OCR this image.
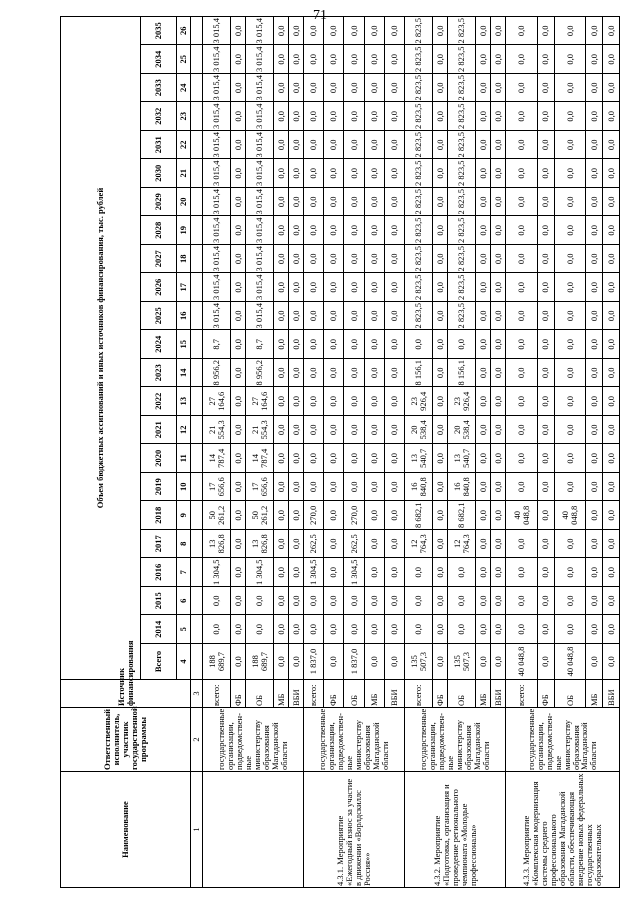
71
Наименование	Ответственный исполнитель, участник государственной программы	Источник финансирования	Объем бюджетных ассигнований и иных источников финансирования, тыс. рублей																						
			Всего	2014	2015	2016	2017	2018	2019	2020	2021	2022	2023	2024	2025	2026	2027	2028	2029	2030	2031	2032	2033	2034	2035
			4	5	6	7	8	9	10	11	12	13	14	15	16	17	18	19	20	21	22	23	24	25	26

1	2	3																							
	государственные организации, подведомствен-ные министерству образования Магаданской области	всего:	188 689,7	0,0	0,0	1 304,5	13 826,8	50 261,2	17 656,6	14 787,4	21 554,3	27 164,6	8 956,2	8,7	3 015,4	3 015,4	3 015,4	3 015,4	3 015,4	3 015,4	3 015,4	3 015,4	3 015,4	3 015,4	3 015,4
		ФБ	0,0	0,0	0,0	0,0	0,0	0,0	0,0	0,0	0,0	0,0	0,0	0,0	0,0	0,0	0,0	0,0	0,0	0,0	0,0	0,0	0,0	0,0	0,0
		ОБ	188 689,7	0,0	0,0	1 304,5	13 826,8	50 261,2	17 656,6	14 787,4	21 554,3	27 164,6	8 956,2	8,7	3 015,4	3 015,4	3 015,4	3 015,4	3 015,4	3 015,4	3 015,4	3 015,4	3 015,4	3 015,4	3 015,4
		МБ	0,0	0,0	0,0	0,0	0,0	0,0	0,0	0,0	0,0	0,0	0,0	0,0	0,0	0,0	0,0	0,0	0,0	0,0	0,0	0,0	0,0	0,0	0,0
		ВБИ	0,0	0,0	0,0	0,0	0,0	0,0	0,0	0,0	0,0	0,0	0,0	0,0	0,0	0,0	0,0	0,0	0,0	0,0	0,0	0,0	0,0	0,0	0,0
4.3.1. Мероприятие «Ежегодный взнос за участие в движении «Ворлдскиллс Россия»»	государственные организации, подведомствен-ные министерству образования Магаданской области	всего:	1 837,0	0,0	0,0	1 304,5	262,5	270,0	0,0	0,0	0,0	0,0	0,0	0,0	0,0	0,0	0,0	0,0	0,0	0,0	0,0	0,0	0,0	0,0	0,0
		ФБ	0,0	0,0	0,0	0,0	0,0	0,0	0,0	0,0	0,0	0,0	0,0	0,0	0,0	0,0	0,0	0,0	0,0	0,0	0,0	0,0	0,0	0,0	0,0
		ОБ	1 837,0	0,0	0,0	1 304,5	262,5	270,0	0,0	0,0	0,0	0,0	0,0	0,0	0,0	0,0	0,0	0,0	0,0	0,0	0,0	0,0	0,0	0,0	0,0
		МБ	0,0	0,0	0,0	0,0	0,0	0,0	0,0	0,0	0,0	0,0	0,0	0,0	0,0	0,0	0,0	0,0	0,0	0,0	0,0	0,0	0,0	0,0	0,0
		ВБИ	0,0	0,0	0,0	0,0	0,0	0,0	0,0	0,0	0,0	0,0	0,0	0,0	0,0	0,0	0,0	0,0	0,0	0,0	0,0	0,0	0,0	0,0	0,0
4.3.2. Мероприятие «Подготовка, организация и проведение регионального чемпионата «Молодые профессионалы»	государственные организации, подведомствен-ные министерству образования Магаданской области	всего:	135 507,3	0,0	0,0	0,0	12 764,3	8 682,1	16 840,8	13 540,7	20 538,4	23 926,4	8 156,1	0,0	2 823,5	2 823,5	2 823,5	2 823,5	2 823,5	2 823,5	2 823,5	2 823,5	2 823,5	2 823,5	2 823,5
		ФБ	0,0	0,0	0,0	0,0	0,0	0,0	0,0	0,0	0,0	0,0	0,0	0,0	0,0	0,0	0,0	0,0	0,0	0,0	0,0	0,0	0,0	0,0	0,0
		ОБ	135 507,3	0,0	0,0	0,0	12 764,3	8 682,1	16 840,8	13 540,7	20 538,4	23 926,4	8 156,1	0,0	2 823,5	2 823,5	2 823,5	2 823,5	2 823,5	2 823,5	2 823,5	2 823,5	2 823,5	2 823,5	2 823,5
		МБ	0,0	0,0	0,0	0,0	0,0	0,0	0,0	0,0	0,0	0,0	0,0	0,0	0,0	0,0	0,0	0,0	0,0	0,0	0,0	0,0	0,0	0,0	0,0
		ВБИ	0,0	0,0	0,0	0,0	0,0	0,0	0,0	0,0	0,0	0,0	0,0	0,0	0,0	0,0	0,0	0,0	0,0	0,0	0,0	0,0	0,0	0,0	0,0
4.3.3. Мероприятие «Комплексная модернизация системы среднего профессионального образования Магаданской области, обеспечивающая внедрение новых федеральных государственных образовательных	государственные организации, подведомствен-ные министерству образования Магаданской области	всего:	40 048,8	0,0	0,0	0,0	0,0	40 048,8	0,0	0,0	0,0	0,0	0,0	0,0	0,0	0,0	0,0	0,0	0,0	0,0	0,0	0,0	0,0	0,0	0,0
		ФБ	0,0	0,0	0,0	0,0	0,0	0,0	0,0	0,0	0,0	0,0	0,0	0,0	0,0	0,0	0,0	0,0	0,0	0,0	0,0	0,0	0,0	0,0	0,0
		ОБ	40 048,8	0,0	0,0	0,0	0,0	40 048,8	0,0	0,0	0,0	0,0	0,0	0,0	0,0	0,0	0,0	0,0	0,0	0,0	0,0	0,0	0,0	0,0	0,0
		МБ	0,0	0,0	0,0	0,0	0,0	0,0	0,0	0,0	0,0	0,0	0,0	0,0	0,0	0,0	0,0	0,0	0,0	0,0	0,0	0,0	0,0	0,0	0,0
		ВБИ	0,0	0,0	0,0	0,0	0,0	0,0	0,0	0,0	0,0	0,0	0,0	0,0	0,0	0,0	0,0	0,0	0,0	0,0	0,0	0,0	0,0	0,0	0,0
